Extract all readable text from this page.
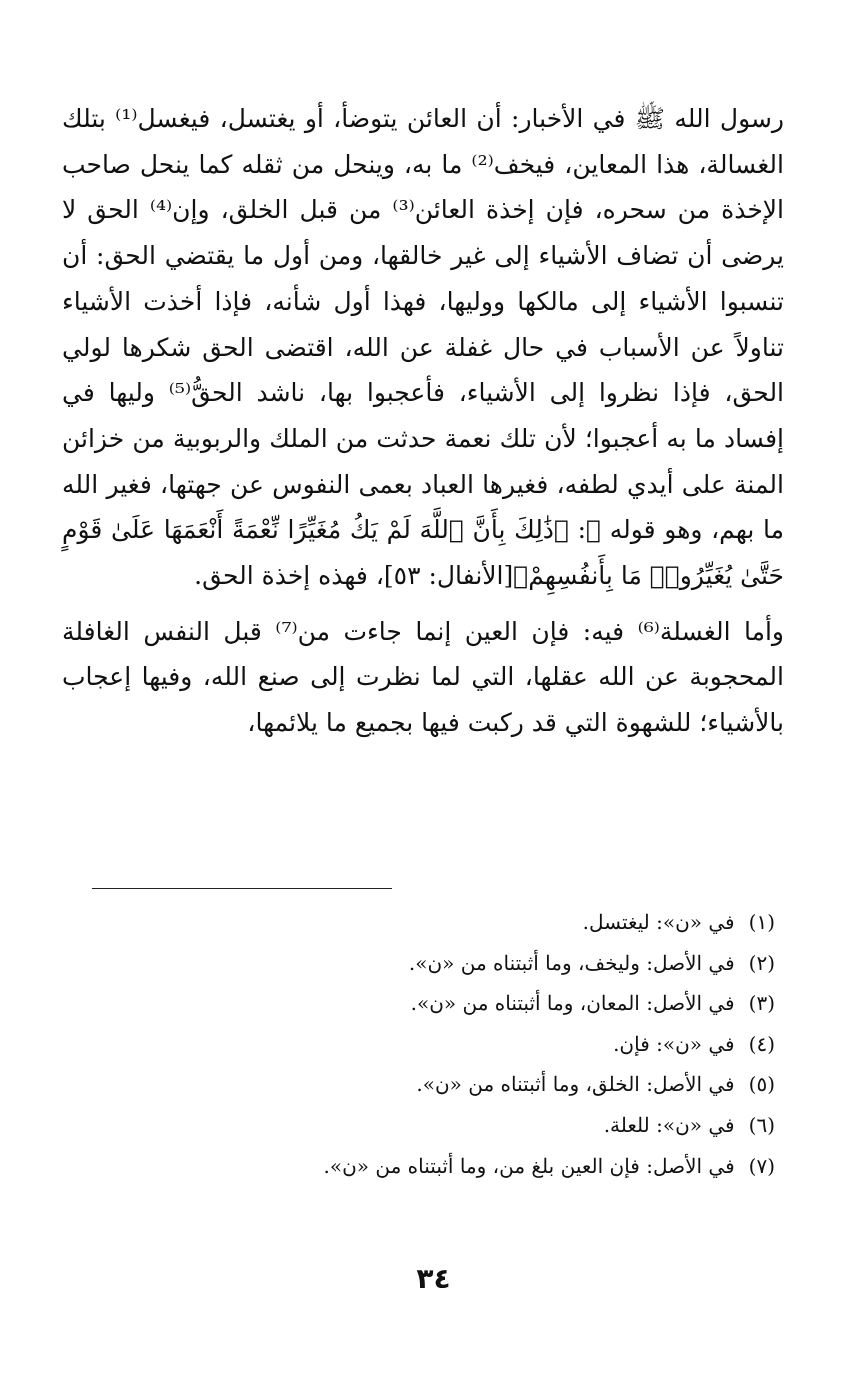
رسول الله ﷺ في الأخبار: أن العائن يتوضأ، أو يغتسل، فيغسل⁽¹⁾ بتلك الغسالة، هذا المعاين، فيخف⁽²⁾ ما به، وينحل من ثقله كما ينحل صاحب الإخذة من سحره، فإن إخذة العائن⁽³⁾ من قبل الخلق، وإن⁽⁴⁾ الحق لا يرضى أن تضاف الأشياء إلى غير خالقها، ومن أول ما يقتضي الحق: أن تنسبوا الأشياء إلى مالكها ووليها، فهذا أول شأنه، فإذا أخذت الأشياء تناولاً عن الأسباب في حال غفلة عن الله، اقتضى الحق شكرها لولي الحق، فإذا نظروا إلى الأشياء، فأعجبوا بها، ناشد الحقُّ⁽⁵⁾ وليها في إفساد ما به أعجبوا؛ لأن تلك نعمة حدثت من الملك والربوبية من خزائن المنة على أيدي لطفه، فغيرها العباد بعمى النفوس عن جهتها، فغير الله ما بهم، وهو قوله ﷻ: ﴿ذَٰلِكَ بِأَنَّ ٱللَّهَ لَمْ يَكُ مُغَيِّرًا نِّعْمَةً أَنْعَمَهَا عَلَىٰ قَوْمٍ حَتَّىٰ يُغَيِّرُوا۟ مَا بِأَنفُسِهِمْ﴾[الأنفال: ٥٣]، فهذه إخذة الحق.

وأما الغسلة⁽⁶⁾ فيه: فإن العين إنما جاءت من⁽⁷⁾ قبل النفس الغافلة المحجوبة عن الله عقلها، التي لما نظرت إلى صنع الله، وفيها إعجاب بالأشياء؛ للشهوة التي قد ركبت فيها بجميع ما يلائمها،

(١)في «ن»: ليغتسل.
(٢)في الأصل: وليخف، وما أثبتناه من «ن».
(٣)في الأصل: المعان، وما أثبتناه من «ن».
(٤)في «ن»: فإن.
(٥)في الأصل: الخلق، وما أثبتناه من «ن».
(٦)في «ن»: للعلة.
(٧)في الأصل: فإن العين بلغ من، وما أثبتناه من «ن».
٣٤
